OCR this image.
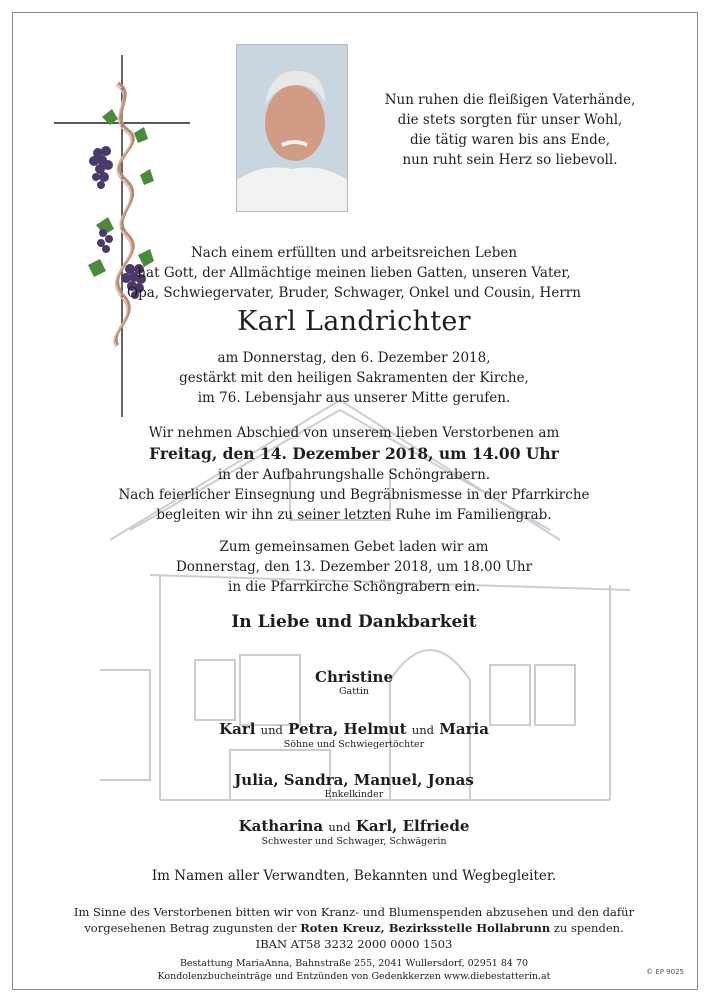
Nun ruhen die fleißigen Vaterhände,
die stets sorgten für unser Wohl,
die tätig waren bis ans Ende,
nun ruht sein Herz so liebevoll.
Nach einem erfüllten und arbeitsreichen Leben
hat Gott, der Allmächtige meinen lieben Gatten, unseren Vater,
Opa, Schwiegervater, Bruder, Schwager, Onkel und Cousin, Herrn
Karl Landrichter
am Donnerstag, den 6. Dezember 2018,
gestärkt mit den heiligen Sakramenten der Kirche,
im 76. Lebensjahr aus unserer Mitte gerufen.
Wir nehmen Abschied von unserem lieben Verstorbenen am
Freitag, den 14. Dezember 2018, um 14.00 Uhr
in der Aufbahrungshalle Schöngrabern.
Nach feierlicher Einsegnung und Begräbnismesse in der Pfarrkirche
begleiten wir ihn zu seiner letzten Ruhe im Familiengrab.
Zum gemeinsamen Gebet laden wir am
Donnerstag, den 13. Dezember 2018, um 18.00 Uhr
in die Pfarrkirche Schöngrabern ein.
In Liebe und Dankbarkeit
Christine
Gattin
Karl und Petra, Helmut und Maria
Söhne und Schwiegertöchter
Julia, Sandra, Manuel, Jonas
Enkelkinder
Katharina und Karl, Elfriede
Schwester und Schwager, Schwägerin
Im Namen aller Verwandten, Bekannten und Wegbegleiter.
Im Sinne des Verstorbenen bitten wir von Kranz- und Blumenspenden abzusehen und den dafür
vorgesehenen Betrag zugunsten der Roten Kreuz, Bezirksstelle Hollabrunn zu spenden.
IBAN AT58 3232 2000 0000 1503
Bestattung MariaAnna, Bahnstraße 255, 2041 Wullersdorf, 02951 84 70
Kondolenzbucheinträge und Entzünden von Gedenkkerzen www.diebestatterin.at	© EP 9025
